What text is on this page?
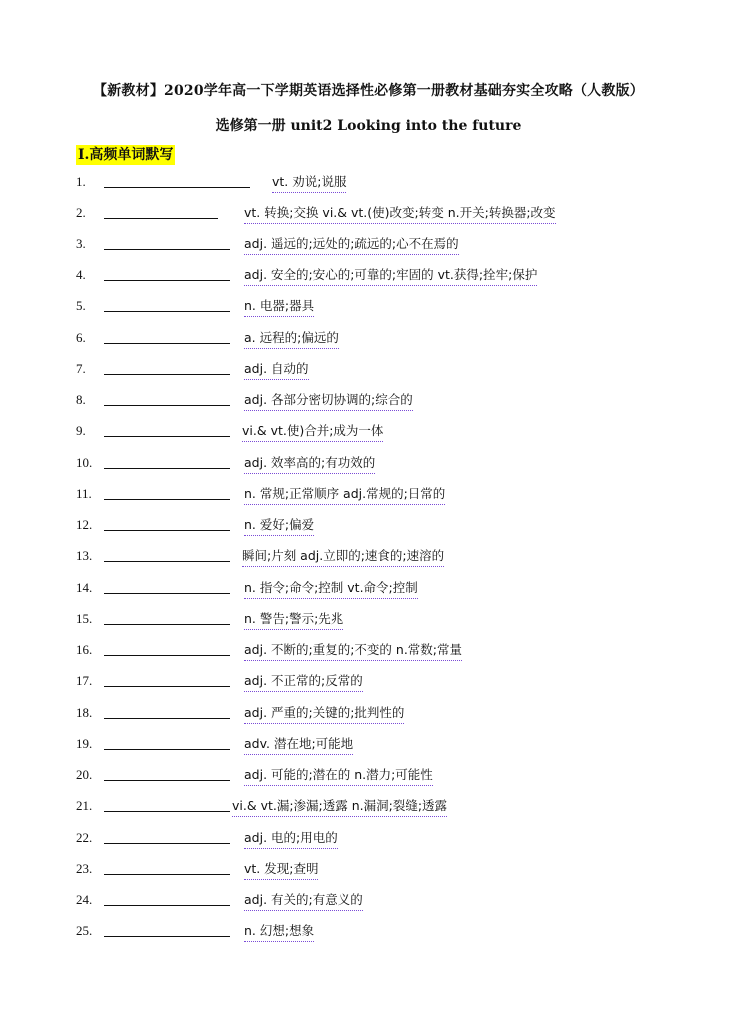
【新教材】2020学年高一下学期英语选择性必修第一册教材基础夯实全攻略（人教版）
选修第一册 unit2 Looking into the future
I.高频单词默写
1.	vt. 劝说;说服
2.	vt. 转换;交换 vi.& vt.(使)改变;转变 n.开关;转换器;改变
3.	adj. 遥远的;远处的;疏远的;心不在焉的
4.	adj. 安全的;安心的;可靠的;牢固的 vt.获得;拴牢;保护
5.	n. 电器;器具
6.	a. 远程的;偏远的
7.	adj. 自动的
8.	adj. 各部分密切协调的;综合的
9.	vi.& vt.使)合并;成为一体
10.	adj. 效率高的;有功效的
11.	n. 常规;正常顺序 adj.常规的;日常的
12.	n. 爱好;偏爱
13.	瞬间;片刻 adj.立即的;速食的;速溶的
14.	n. 指令;命令;控制 vt.命令;控制
15.	n. 警告;警示;先兆
16.	adj. 不断的;重复的;不变的 n.常数;常量
17.	adj. 不正常的;反常的
18.	adj. 严重的;关键的;批判性的
19.	adv. 潜在地;可能地
20.	adj. 可能的;潜在的 n.潜力;可能性
21.	vi.& vt.漏;渗漏;透露 n.漏洞;裂缝;透露
22.	adj. 电的;用电的
23.	vt. 发现;查明
24.	adj. 有关的;有意义的
25.	n. 幻想;想象
